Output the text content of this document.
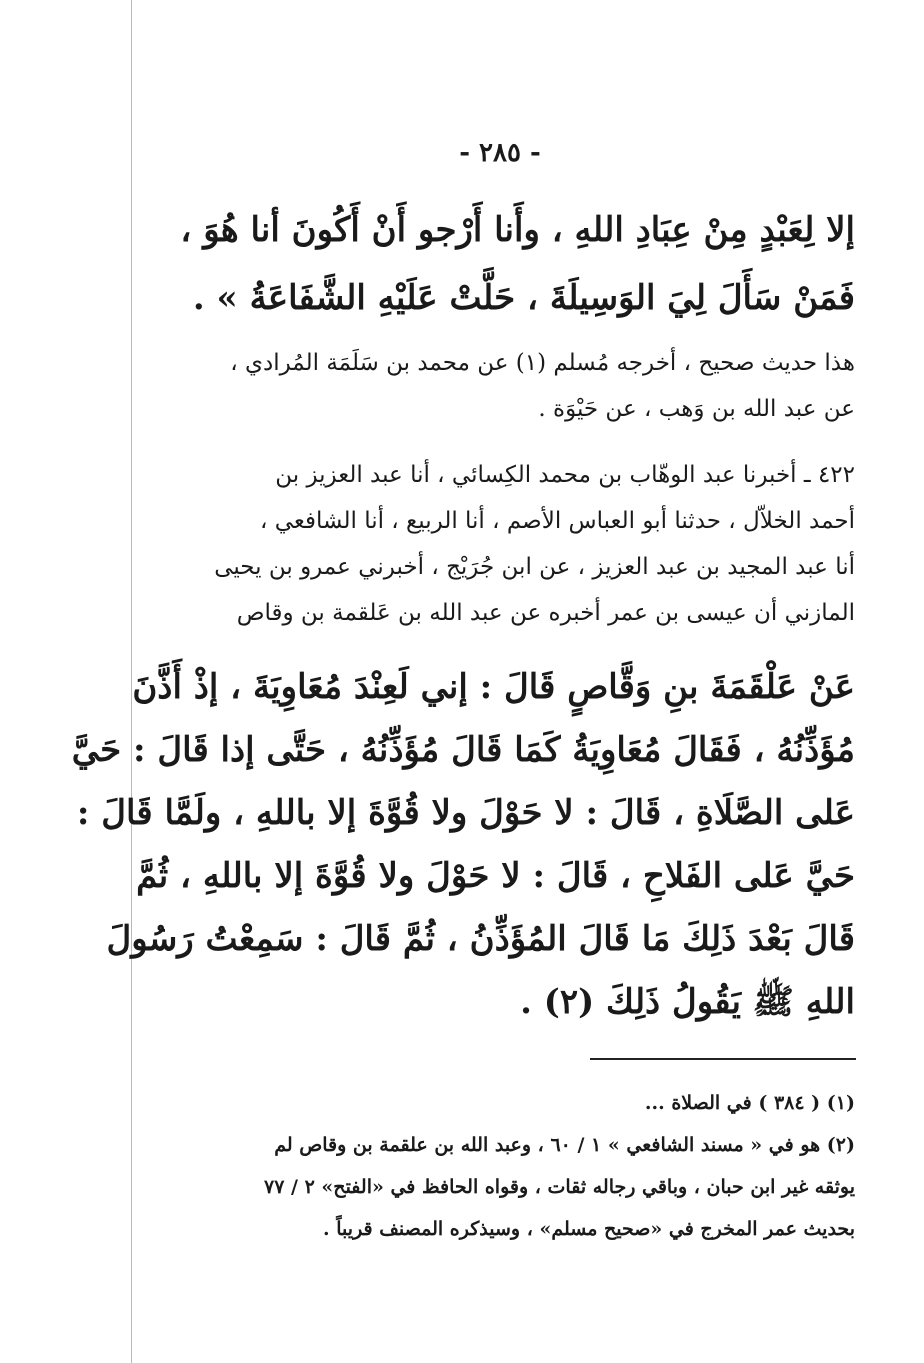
- ٢٨٥ -
إلا لِعَبْدٍ مِنْ عِبَادِ اللهِ ، وأَنا أَرْجو أَنْ أَكُونَ أنا هُوَ ،
فَمَنْ سَأَلَ لِيَ الوَسِيلَةَ ، حَلَّتْ عَلَيْهِ الشَّفَاعَةُ » .
هذا حديث صحيح ، أخرجه مُسلم (١) عن محمد بن سَلَمَة المُرادي ،
عن عبد الله بن وَهب ، عن حَيْوَة .
٤٢٢ ـ أخبرنا عبد الوهّاب بن محمد الكِسائي ، أنا عبد العزيز بن
أحمد الخلاّل ، حدثنا أبو العباس الأصم ، أنا الربيع ، أنا الشافعي ،
أنا عبد المجيد بن عبد العزيز ، عن ابن جُرَيْج ، أخبرني عمرو بن يحيى
المازني أن عيسى بن عمر أخبره عن عبد الله بن عَلقمة بن وقاص
عَنْ عَلْقَمَةَ بنِ وَقَّاصٍ قَالَ : إني لَعِنْدَ مُعَاوِيَةَ ، إذْ أَذَّنَ
مُؤَذِّنُهُ ، فَقَالَ مُعَاوِيَةُ كَمَا قَالَ مُؤَذِّنُهُ ، حَتَّى إذا قَالَ : حَيَّ
عَلى الصَّلَاةِ ، قَالَ : لا حَوْلَ ولا قُوَّةَ إلا باللهِ ، ولَمَّا قَالَ :
حَيَّ عَلى الفَلاحِ ، قَالَ : لا حَوْلَ ولا قُوَّةَ إلا باللهِ ، ثُمَّ
قَالَ بَعْدَ ذَلِكَ مَا قَالَ المُؤَذِّنُ ، ثُمَّ قَالَ : سَمِعْتُ رَسُولَ
اللهِ ﷺ يَقُولُ ذَلِكَ (٢) .
(١) ( ٣٨٤ ) في الصلاة ...
(٢) هو في « مسند الشافعي » ١ / ٦٠ ، وعبد الله بن علقمة بن وقاص لم
يوثقه غير ابن حبان ، وباقي رجاله ثقات ، وقواه الحافظ في «الفتح» ٢ / ٧٧
بحديث عمر المخرج في «صحيح مسلم» ، وسيذكره المصنف قريباً .
